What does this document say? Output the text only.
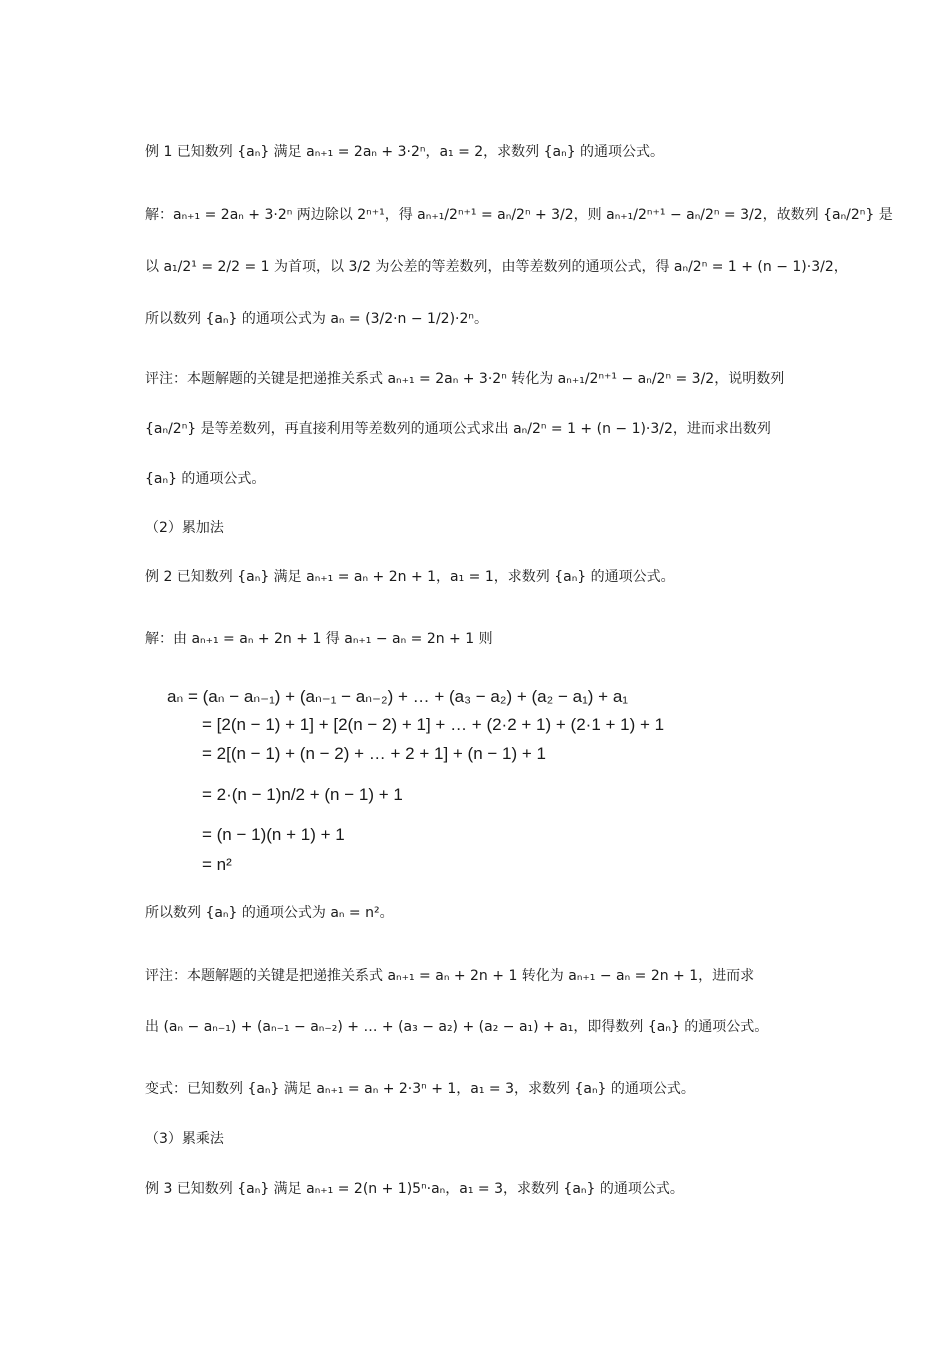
例 1 已知数列 {aₙ} 满足 aₙ₊₁ = 2aₙ + 3·2ⁿ，a₁ = 2，求数列 {aₙ} 的通项公式。
解：aₙ₊₁ = 2aₙ + 3·2ⁿ 两边除以 2ⁿ⁺¹，得 aₙ₊₁/2ⁿ⁺¹ = aₙ/2ⁿ + 3/2，则 aₙ₊₁/2ⁿ⁺¹ − aₙ/2ⁿ = 3/2，故数列 {aₙ/2ⁿ} 是
以 a₁/2¹ = 2/2 = 1 为首项，以 3/2 为公差的等差数列，由等差数列的通项公式，得 aₙ/2ⁿ = 1 + (n − 1)·3/2，
所以数列 {aₙ} 的通项公式为 aₙ = (3/2·n − 1/2)·2ⁿ。
评注：本题解题的关键是把递推关系式 aₙ₊₁ = 2aₙ + 3·2ⁿ 转化为 aₙ₊₁/2ⁿ⁺¹ − aₙ/2ⁿ = 3/2，说明数列
{aₙ/2ⁿ} 是等差数列，再直接利用等差数列的通项公式求出 aₙ/2ⁿ = 1 + (n − 1)·3/2，进而求出数列
{aₙ} 的通项公式。
（2）累加法
例 2 已知数列 {aₙ} 满足 aₙ₊₁ = aₙ + 2n + 1，a₁ = 1，求数列 {aₙ} 的通项公式。
解：由 aₙ₊₁ = aₙ + 2n + 1 得 aₙ₊₁ − aₙ = 2n + 1 则
aₙ = (aₙ − aₙ₋₁) + (aₙ₋₁ − aₙ₋₂) + … + (a₃ − a₂) + (a₂ − a₁) + a₁
= [2(n − 1) + 1] + [2(n − 2) + 1] + … + (2·2 + 1) + (2·1 + 1) + 1
= 2[(n − 1) + (n − 2) + … + 2 + 1] + (n − 1) + 1
= 2·(n − 1)n/2 + (n − 1) + 1
= (n − 1)(n + 1) + 1
= n²
所以数列 {aₙ} 的通项公式为 aₙ = n²。
评注：本题解题的关键是把递推关系式 aₙ₊₁ = aₙ + 2n + 1 转化为 aₙ₊₁ − aₙ = 2n + 1，进而求
出 (aₙ − aₙ₋₁) + (aₙ₋₁ − aₙ₋₂) + … + (a₃ − a₂) + (a₂ − a₁) + a₁，即得数列 {aₙ} 的通项公式。
变式：已知数列 {aₙ} 满足 aₙ₊₁ = aₙ + 2·3ⁿ + 1，a₁ = 3，求数列 {aₙ} 的通项公式。
（3）累乘法
例 3 已知数列 {aₙ} 满足 aₙ₊₁ = 2(n + 1)5ⁿ·aₙ，a₁ = 3，求数列 {aₙ} 的通项公式。
